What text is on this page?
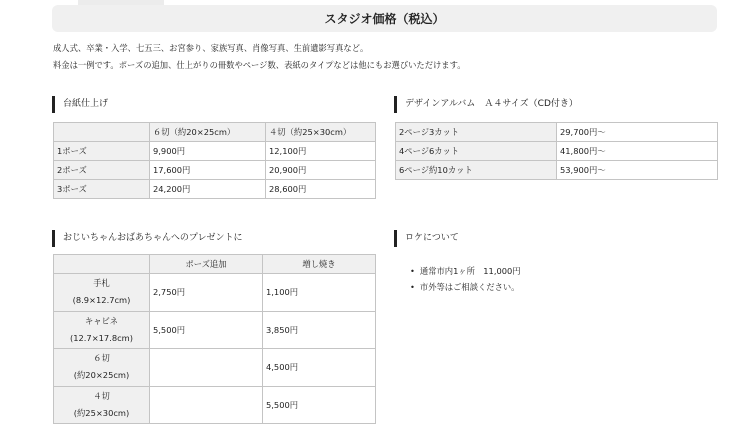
スタジオ価格（税込）
成人式、卒業・入学、七五三、お宮参り、家族写真、肖像写真、生前遺影写真など。
料金は一例です。ポーズの追加、仕上がりの冊数やページ数、表紙のタイプなどは他にもお選びいただけます。
台紙仕上げ
	６切（約20×25cm）	４切（約25×30cm）
1ポーズ	9,900円	12,100円
2ポーズ	17,600円	20,900円
3ポーズ	24,200円	28,600円
デザインアルバム　Ａ４サイズ（CD付き）
2ページ3カット	29,700円～
4ページ6カット	41,800円～
6ページ約10カット	53,900円～
おじいちゃんおばあちゃんへのプレゼントに
	ポーズ追加	増し焼き

手札
(8.9×12.7cm)	2,750円	1,100円

キャビネ
(12.7×17.8cm)	5,500円	3,850円

６切
(約20×25cm)		4,500円

４切
(約25×30cm)		5,500円
ロケについて
• 通常市内1ヶ所　11,000円
• 市外等はご相談ください。
